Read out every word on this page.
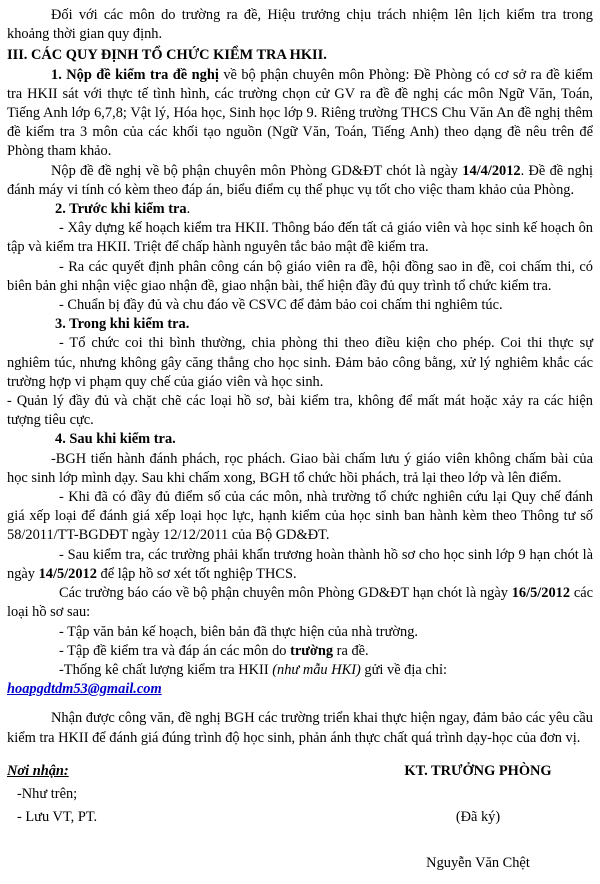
Đối với các môn do trường ra đề, Hiệu trưởng chịu trách nhiệm lên lịch kiểm tra trong khoảng thời gian quy định.

III. CÁC QUY ĐỊNH TỔ CHỨC KIỂM TRA HKII.

1. Nộp đề kiểm tra đề nghị về bộ phận chuyên môn Phòng: Đề Phòng có cơ sở ra đề kiểm tra HKII sát với thực tế tình hình, các trường chọn cử GV ra đề đề nghị các môn Ngữ Văn, Toán, Tiếng Anh lớp 6,7,8; Vật lý, Hóa học, Sinh học lớp 9. Riêng trường THCS Chu Văn An đề nghị thêm đề kiểm tra 3 môn của các khối tạo nguồn (Ngữ Văn, Toán, Tiếng Anh) theo dạng đề nêu trên để Phòng tham khảo.

Nộp đề đề nghị về bộ phận chuyên môn Phòng GD&ĐT chót là ngày 14/4/2012. Đề đề nghị đánh máy vi tính có kèm theo đáp án, biểu điểm cụ thể phục vụ tốt cho việc tham khảo của Phòng.

2. Trước khi kiểm tra.

- Xây dựng kế hoạch kiểm tra HKII. Thông báo đến tất cả giáo viên và học sinh kế hoạch ôn tập và kiểm tra HKII. Triệt để chấp hành nguyên tắc bảo mật đề kiểm tra.

- Ra các quyết định phân công cán bộ giáo viên ra đề, hội đồng sao in đề, coi chấm thi, có biên bản ghi nhận việc giao nhận đề, giao nhận bài, thể hiện đầy đủ quy trình tổ chức kiểm tra.

- Chuẩn bị đầy đủ và chu đáo về CSVC để đảm bảo coi chấm thi nghiêm túc.

3. Trong khi kiểm tra.

- Tổ chức coi thi bình thường, chia phòng thi theo điều kiện cho phép. Coi thi thực sự nghiêm túc, nhưng không gây căng thẳng cho học sinh. Đảm bảo công bằng, xử lý nghiêm khắc các trường hợp vi phạm quy chế của giáo viên và học sinh.

- Quản lý đầy đủ và chặt chẽ các loại hồ sơ, bài kiểm tra, không để mất mát hoặc xảy ra các hiện tượng tiêu cực.

4. Sau khi kiểm tra.

-BGH tiến hành đánh phách, rọc phách. Giao bài chấm lưu ý giáo viên không chấm bài của học sinh lớp mình dạy. Sau khi chấm xong, BGH tổ chức hồi phách, trả lại theo lớp và lên điểm.

- Khi đã có đầy đủ điểm số của các môn, nhà trường tổ chức nghiên cứu lại Quy chế đánh giá xếp loại để đánh giá xếp loại học lực, hạnh kiểm của học sinh ban hành kèm theo Thông tư số 58/2011/TT-BGDĐT ngày 12/12/2011 của Bộ GD&ĐT.

- Sau kiểm tra, các trường phải khẩn trương hoàn thành hồ sơ cho học sinh lớp 9 hạn chót là ngày 14/5/2012 để lập hồ sơ xét tốt nghiệp THCS.

Các trường báo cáo về bộ phận chuyên môn Phòng GD&ĐT hạn chót là ngày 16/5/2012 các loại hồ sơ sau:

- Tập văn bản kế hoạch, biên bản đã thực hiện của nhà trường.

- Tập đề kiểm tra và đáp án các môn do trường ra đề.

-Thống kê chất lượng kiểm tra HKII (như mẫu HKI) gửi về địa chỉ:

hoapgdtdm53@gmail.com

Nhận được công văn, đề nghị BGH các trường triển khai thực hiện ngay, đảm bảo các yêu cầu kiểm tra HKII để đánh giá đúng trình độ học sinh, phản ánh thực chất quá trình dạy-học của đơn vị.

Nơi nhận:
-Như trên;
- Lưu VT, PT.
KT. TRƯỞNG PHÒNG
(Đã ký)
Nguyễn Văn Chệt
